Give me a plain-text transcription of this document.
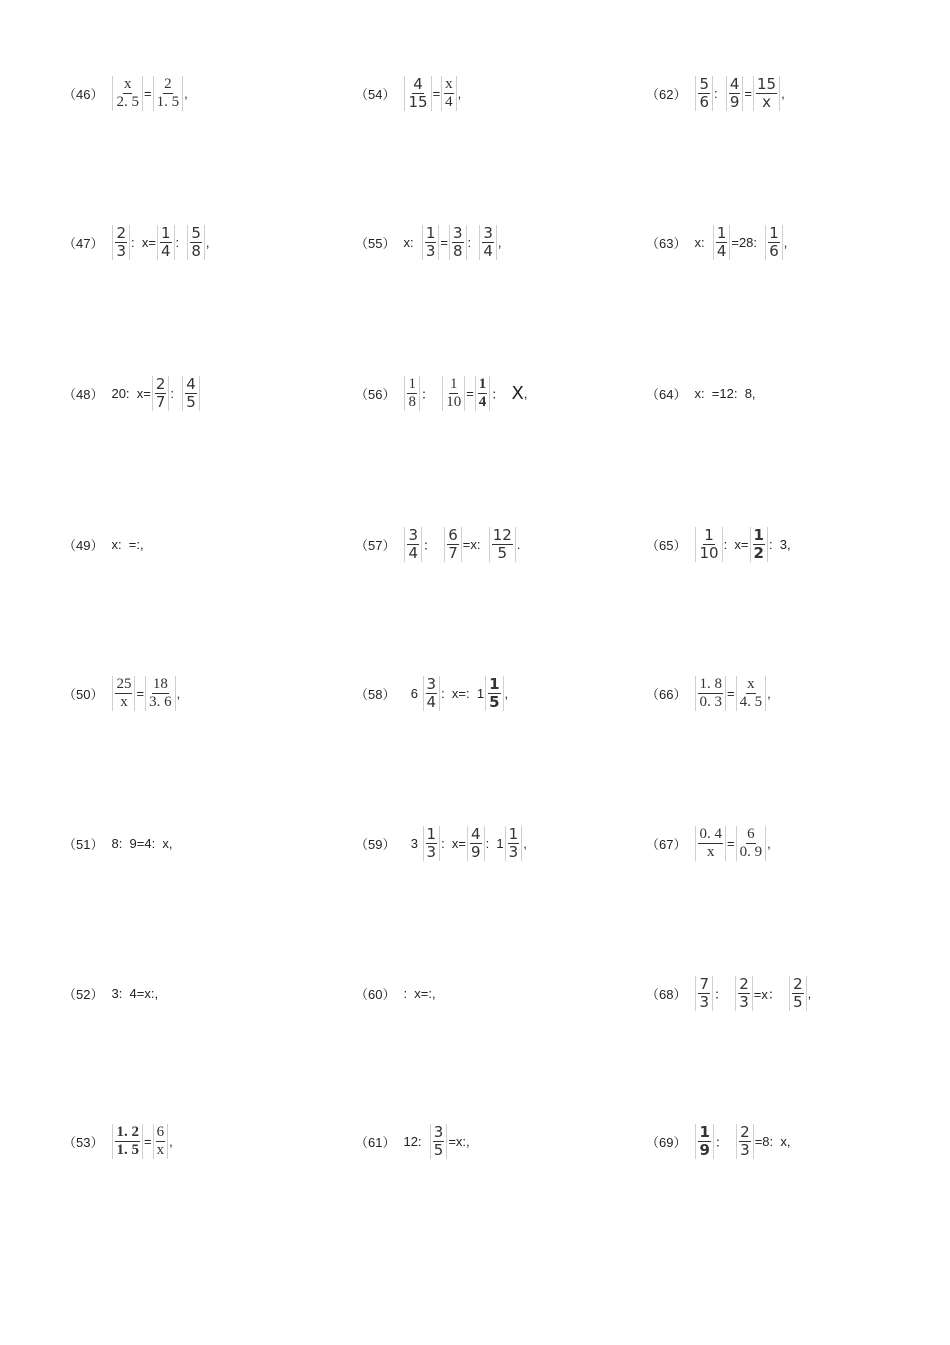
$(46) \frac{x}{2. 5} = \frac{2}{1. 5}$ ,
$(47) \frac{2}{3}$ :  $x= \frac{1}{4}$ : $\frac{5}{8}$ ,
（48） 20:  $x= \frac{2}{7}$ : $\frac{4}{5}$
（49） x:  =:,
$(50) \frac{25}{x} = \frac{18}{3. 6}$ ,
（51） 8:  9=4:  x,
（52） 3:  4=x:,
$(53) \frac{1. 2}{1. 5} = \frac{6}{x}$ ,
$(54) \frac{4}{15} = \frac{x}{4}$ ,
（55） x: $\frac{1}{3} = \frac{3}{8}$ : $\frac{3}{4}$ ,
$(56) \frac{1}{8}$ ： $\frac{1}{10} = \frac{1}{4}$ ： X ,
$(57) \frac{3}{4}$ ： $\frac{6}{7} =x$: $\frac{12}{5}$ .
（58） $6 \frac{3}{4}$ :  x=:  $1 \frac{1}{5}$ ,
（59） $3 \frac{1}{3}$ :  $x= \frac{4}{9}$ :  $1 \frac{1}{3}$ ,
（60） :  x=:,
（61） 12: $\frac{3}{5} =x$:,
$(62) \frac{5}{6}$ : $\frac{4}{9} = \frac{15}{x}$ ,
（63） x: $\frac{1}{4} =28$: $\frac{1}{6}$ ,
（64） x:  =12:  8,
$(65) \frac{1}{10}$ :  $x= \frac{1}{2}$ :  3,
$(66) \frac{1. 8}{0. 3} = \frac{x}{4. 5}$ ,
$(67) \frac{0. 4}{x} = \frac{6}{0. 9}$ ,
$(68) \frac{7}{3}$ ： $\frac{2}{3} =x$： $\frac{2}{5}$ ,
$(69) \frac{1}{9}$ ： $\frac{2}{3} =8$:  x,
